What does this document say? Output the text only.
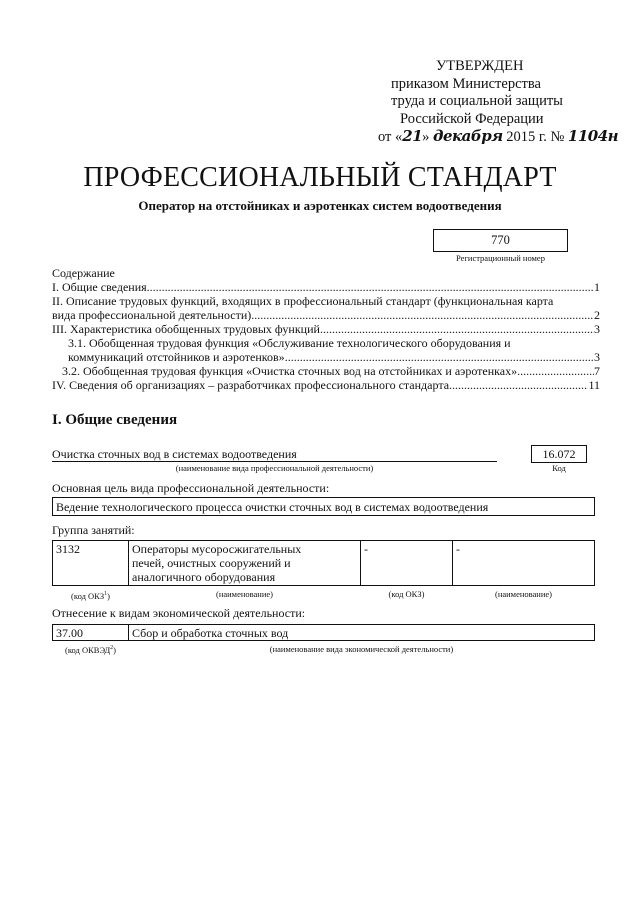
УТВЕРЖДЕН
приказом Министерства
труда и социальной защиты
Российской Федерации
от «21» декабря 2015 г. № 1104н
ПРОФЕССИОНАЛЬНЫЙ СТАНДАРТ
Оператор на отстойниках и аэротенках систем водоотведения
770
Регистрационный номер
Содержание
I. Общие сведения .....	1
II. Описание трудовых функций, входящих в профессиональный стандарт (функциональная карта
вида профессиональной деятельности) .....	2
III. Характеристика обобщенных трудовых функций .....	3
3.1. Обобщенная трудовая функция «Обслуживание технологического оборудования и
коммуникаций отстойников и аэротенков» .....	3
3.2. Обобщенная трудовая функция «Очистка сточных вод на отстойниках и аэротенках» .....	7
IV. Сведения об организациях – разработчиках профессионального стандарта .....	11
I. Общие сведения
Очистка сточных вод в системах водоотведения
(наименование вида профессиональной деятельности)
16.072
Код
Основная цель вида профессиональной деятельности:
Ведение технологического процесса очистки сточных вод в системах водоотведения
Группа занятий:
3132	Операторы мусоросжигательных
печей, очистных сооружений и
аналогичного оборудования	-	-
(код ОКЗ$^1$)	(наименование)	(код ОКЗ)	(наименование)
Отнесение к видам экономической деятельности:
37.00	Сбор и обработка сточных вод
(код ОКВЭД$^2$)	(наименование вида экономической деятельности)
